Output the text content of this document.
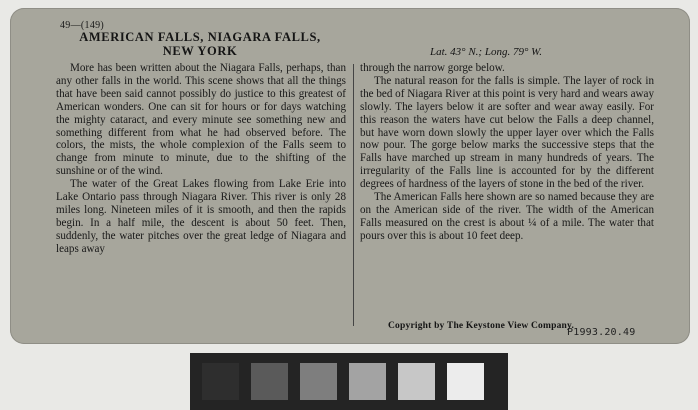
49—(149)
AMERICAN FALLS, NIAGARA FALLS,
NEW YORK	Lat. 43° N.; Long. 79° W.

More has been written about the Niagara Falls, perhaps, than any other falls in the world. This scene shows that all the things that have been said cannot possibly do justice to this greatest of American wonders. One can sit for hours or for days watching the mighty cataract, and every minute see something new and something different from what he had observed before. The colors, the mists, the whole complexion of the Falls seem to change from minute to minute, due to the shifting of the sunshine or of the wind.

The water of the Great Lakes flowing from Lake Erie into Lake Ontario pass through Niagara River. This river is only 28 miles long. Nineteen miles of it is smooth, and then the rapids begin. In a half mile, the descent is about 50 feet. Then, suddenly, the water pitches over the great ledge of Niagara and leaps away

through the narrow gorge below.

The natural reason for the falls is simple. The layer of rock in the bed of Niagara River at this point is very hard and wears away slowly. The layers below it are softer and wear away easily. For this reason the waters have cut below the Falls a deep channel, but have worn down slowly the upper layer over which the Falls now pour. The gorge below marks the successive steps that the Falls have marched up stream in many hundreds of years. The irregularity of the Falls line is accounted for by the different degrees of hardness of the layers of stone in the bed of the river.

The American Falls here shown are so named because they are on the American side of the river. The width of the American Falls measured on the crest is about ¼ of a mile. The water that pours over this is about 10 feet deep.

Copyright by The Keystone View Company.
P1993.20.49
